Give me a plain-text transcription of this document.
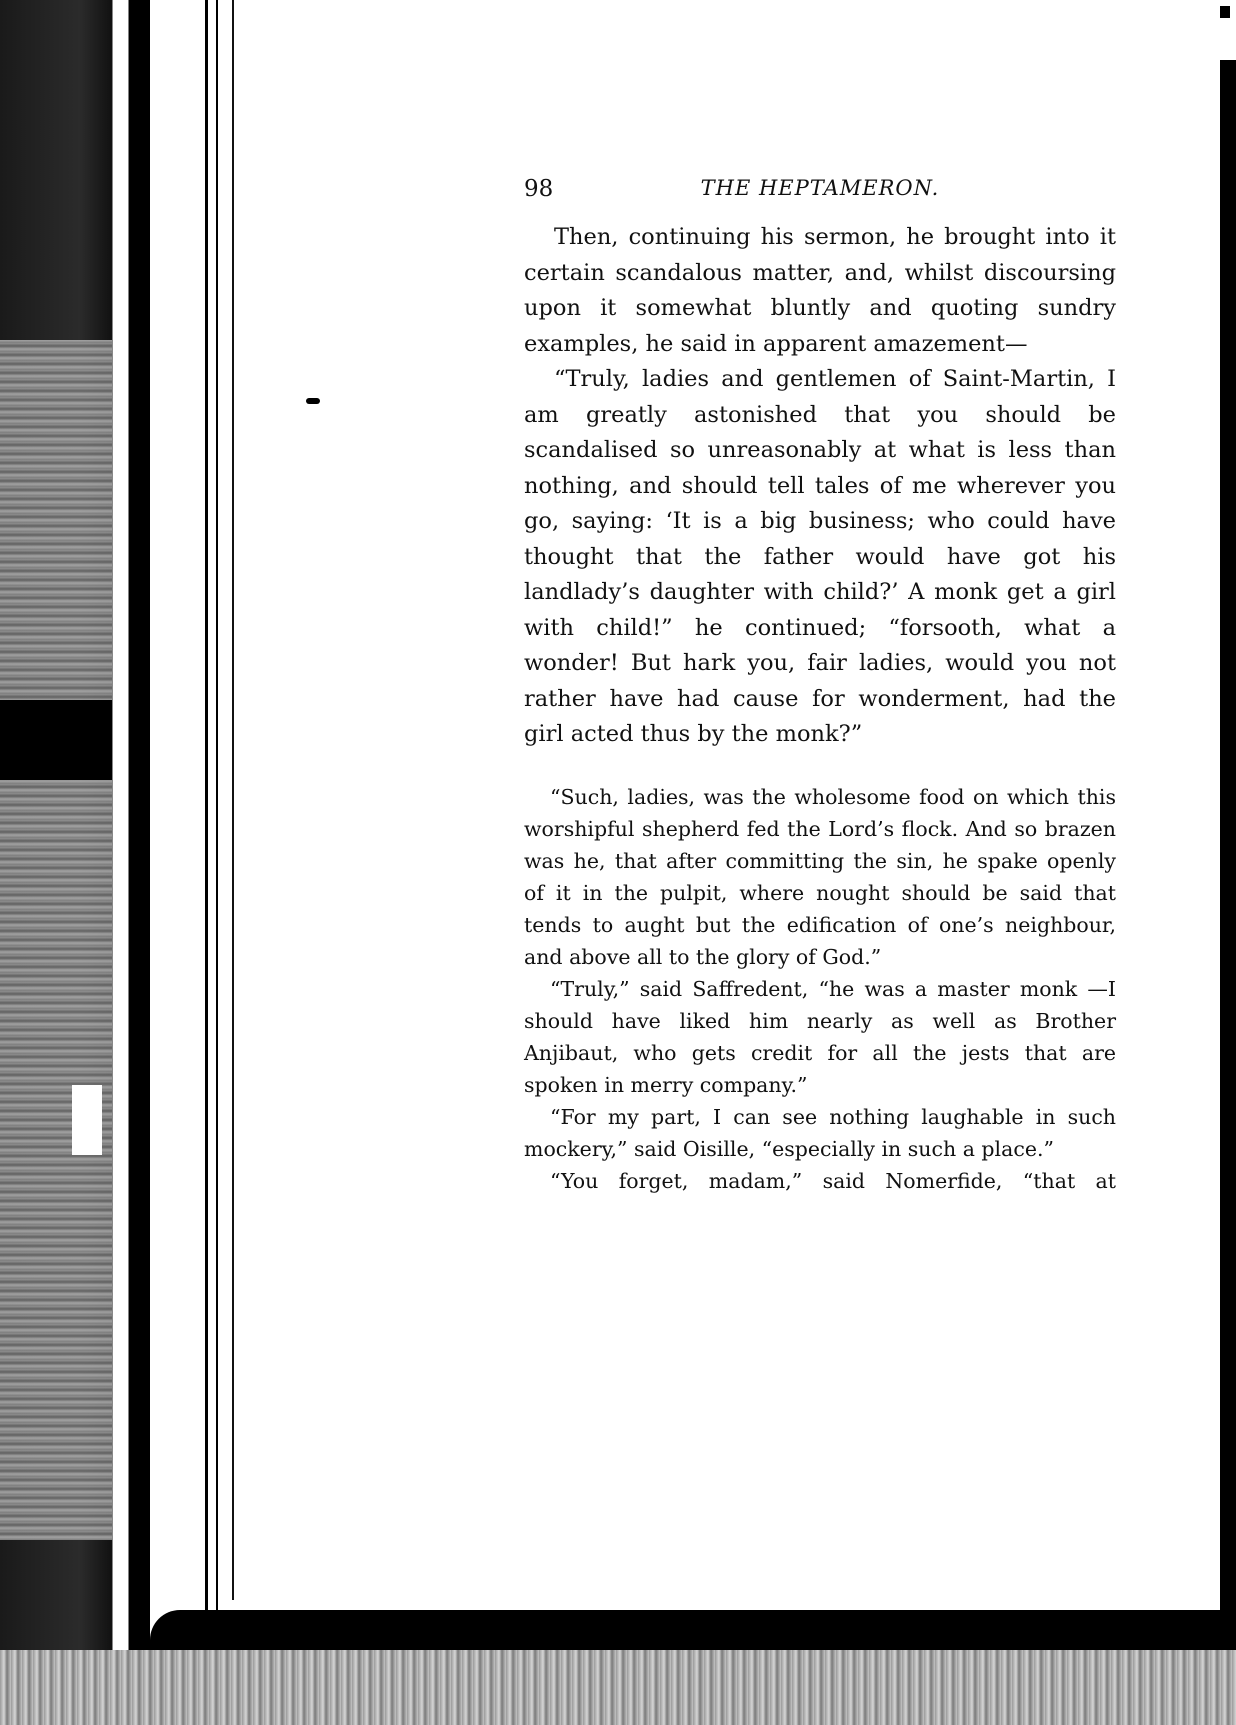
98	THE HEPTAMERON.

Then, continuing his sermon, he brought into it certain scandalous matter, and, whilst discoursing upon it somewhat bluntly and quoting sundry examples, he said in apparent amazement—

“Truly, ladies and gentlemen of Saint-Martin, I am greatly astonished that you should be scandalised so unreasonably at what is less than nothing, and should tell tales of me wherever you go, saying: ‘It is a big business; who could have thought that the father would have got his landlady’s daughter with child?’ A monk get a girl with child!” he continued; “forsooth, what a wonder! But hark you, fair ladies, would you not rather have had cause for wonderment, had the girl acted thus by the monk?”

“Such, ladies, was the wholesome food on which this worshipful shepherd fed the Lord’s flock. And so brazen was he, that after committing the sin, he spake openly of it in the pulpit, where nought should be said that tends to aught but the edification of one’s neighbour, and above all to the glory of God.”

“Truly,” said Saffredent, “he was a master monk —I should have liked him nearly as well as Brother Anjibaut, who gets credit for all the jests that are spoken in merry company.”

“For my part, I can see nothing laughable in such mockery,” said Oisille, “especially in such a place.”

“You forget, madam,” said Nomerfide, “that at
